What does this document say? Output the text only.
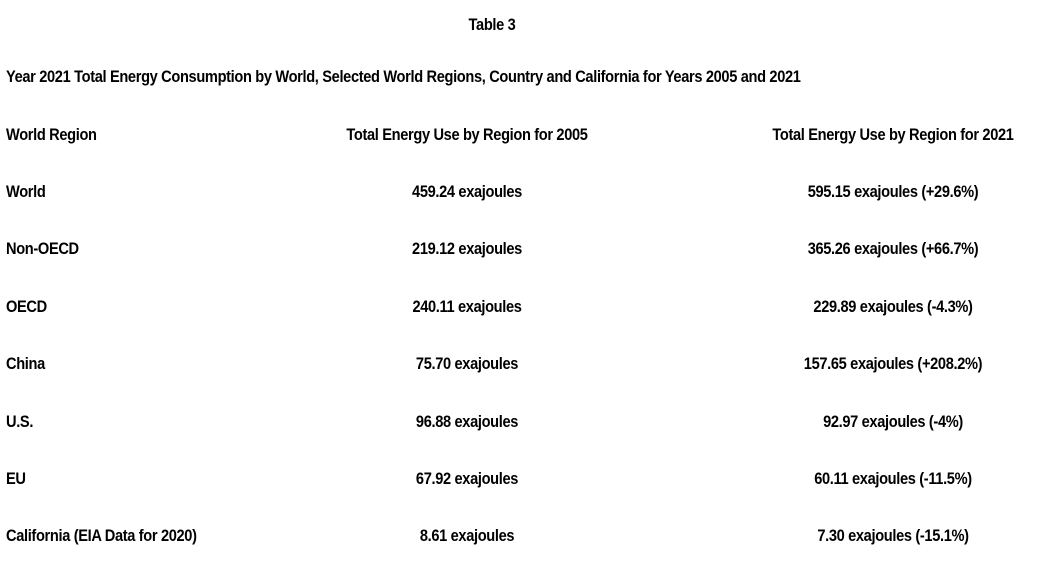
Table 3
Year 2021 Total Energy Consumption by World, Selected World Regions, Country and California for Years 2005 and 2021
World Region	Total Energy Use by Region for 2005	Total Energy Use by Region for 2021
World	459.24 exajoules	595.15 exajoules (+29.6%)
Non-OECD	219.12 exajoules	365.26 exajoules (+66.7%)
OECD	240.11 exajoules	229.89 exajoules (-4.3%)
China	75.70 exajoules	157.65 exajoules (+208.2%)
U.S.	96.88 exajoules	92.97 exajoules (-4%)
EU	67.92 exajoules	60.11 exajoules (-11.5%)
California (EIA Data for 2020)	8.61 exajoules	7.30 exajoules (-15.1%)
